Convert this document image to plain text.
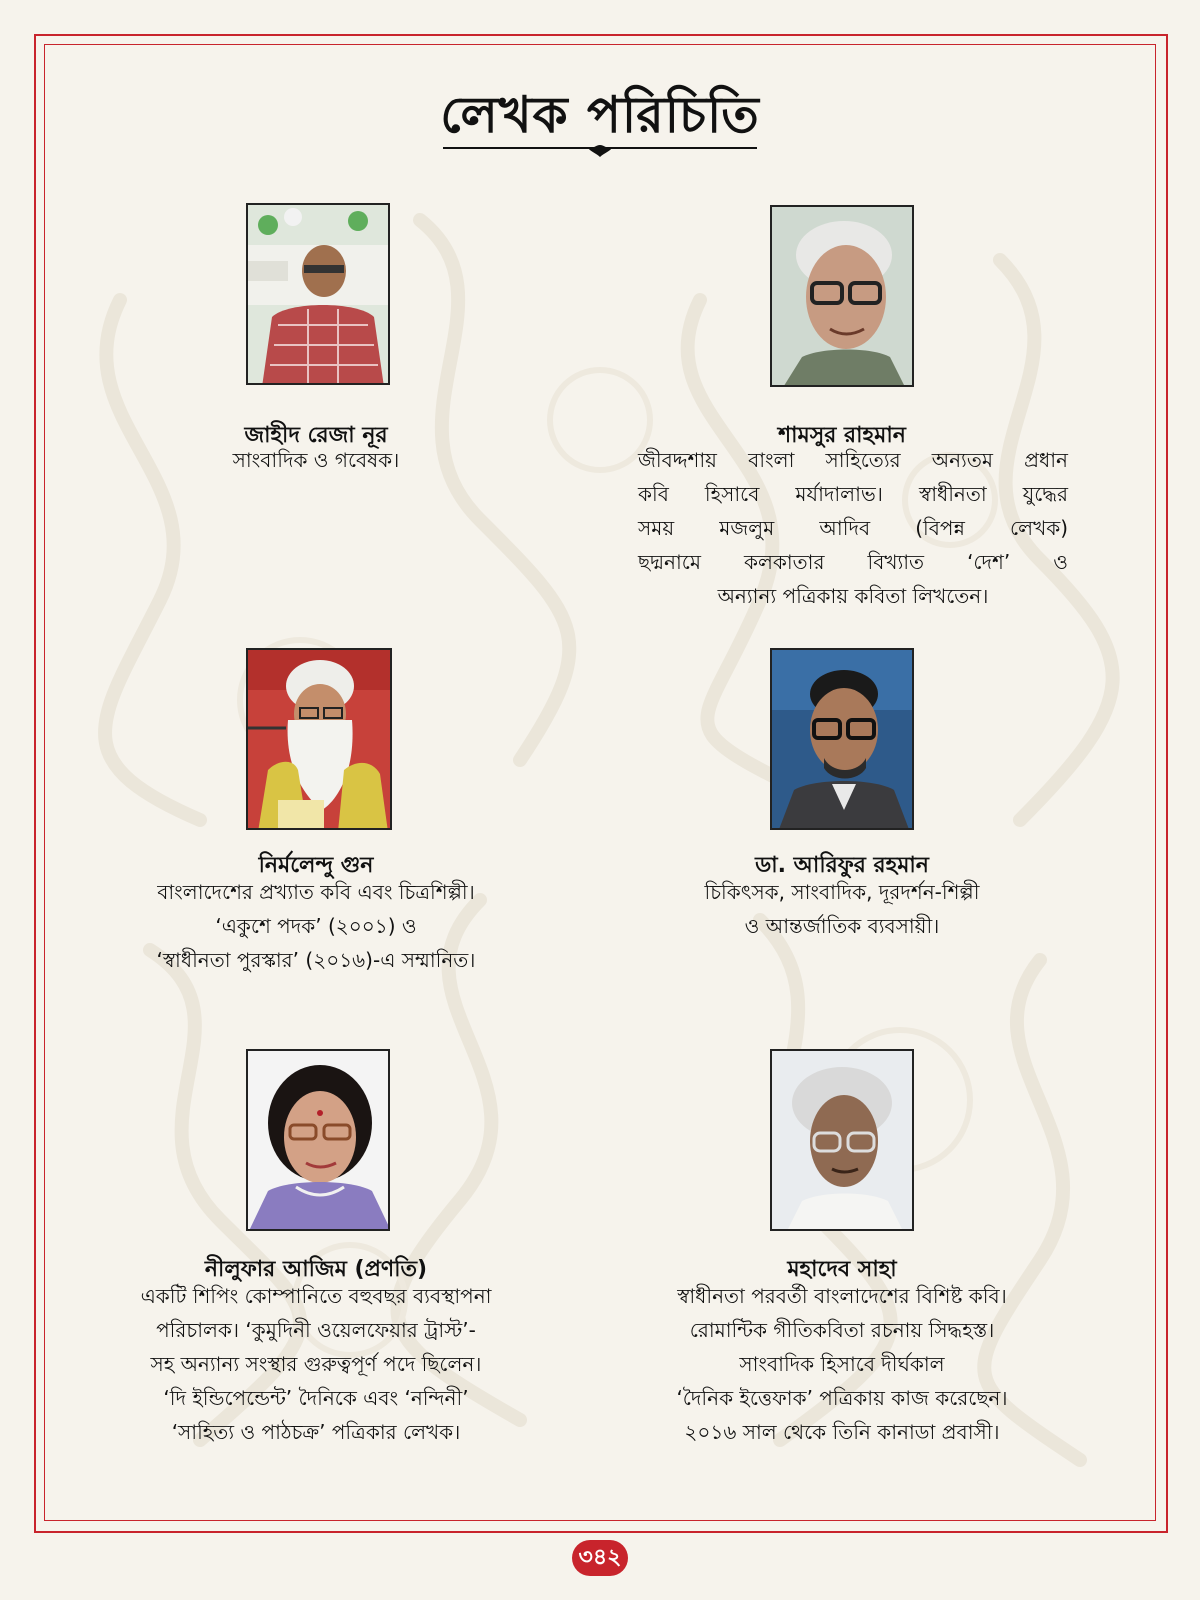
লেখক পরিচিতি
জাহীদ রেজা নূর
সাংবাদিক ও গবেষক।
শামসুর রাহমান
জীবদ্দশায় বাংলা সাহিত্যের অন্যতম প্রধান
কবি হিসাবে মর্যাদালাভ। স্বাধীনতা যুদ্ধের
সময় মজলুম আদিব (বিপন্ন লেখক)
ছদ্মনামে কলকাতার বিখ্যাত ‘দেশ’ ও
অন্যান্য পত্রিকায় কবিতা লিখতেন।
নির্মলেন্দু গুন
বাংলাদেশের প্রখ্যাত কবি এবং চিত্রশিল্পী।
‘একুশে পদক’ (২০০১) ও
‘স্বাধীনতা পুরস্কার’ (২০১৬)-এ সম্মানিত।
ডা. আরিফুর রহমান
চিকিৎসক, সাংবাদিক, দূরদর্শন-শিল্পী
ও আন্তর্জাতিক ব্যবসায়ী।
নীলুফার আজিম (প্রণতি)
একটি শিপিং কোম্পানিতে বহুবছর ব্যবস্থাপনা
পরিচালক। ‘কুমুদিনী ওয়েলফেয়ার ট্রাস্ট’-
সহ অন্যান্য সংস্থার গুরুত্বপূর্ণ পদে ছিলেন।
‘দি ইন্ডিপেন্ডেন্ট’ দৈনিকে এবং ‘নন্দিনী’
‘সাহিত্য ও পাঠচক্র’ পত্রিকার লেখক।
মহাদেব সাহা
স্বাধীনতা পরবর্তী বাংলাদেশের বিশিষ্ট কবি।
রোমান্টিক গীতিকবিতা রচনায় সিদ্ধহস্ত।
সাংবাদিক হিসাবে দীর্ঘকাল
‘দৈনিক ইত্তেফাক’ পত্রিকায় কাজ করেছেন।
২০১৬ সাল থেকে তিনি কানাডা প্রবাসী।
৩৪২
